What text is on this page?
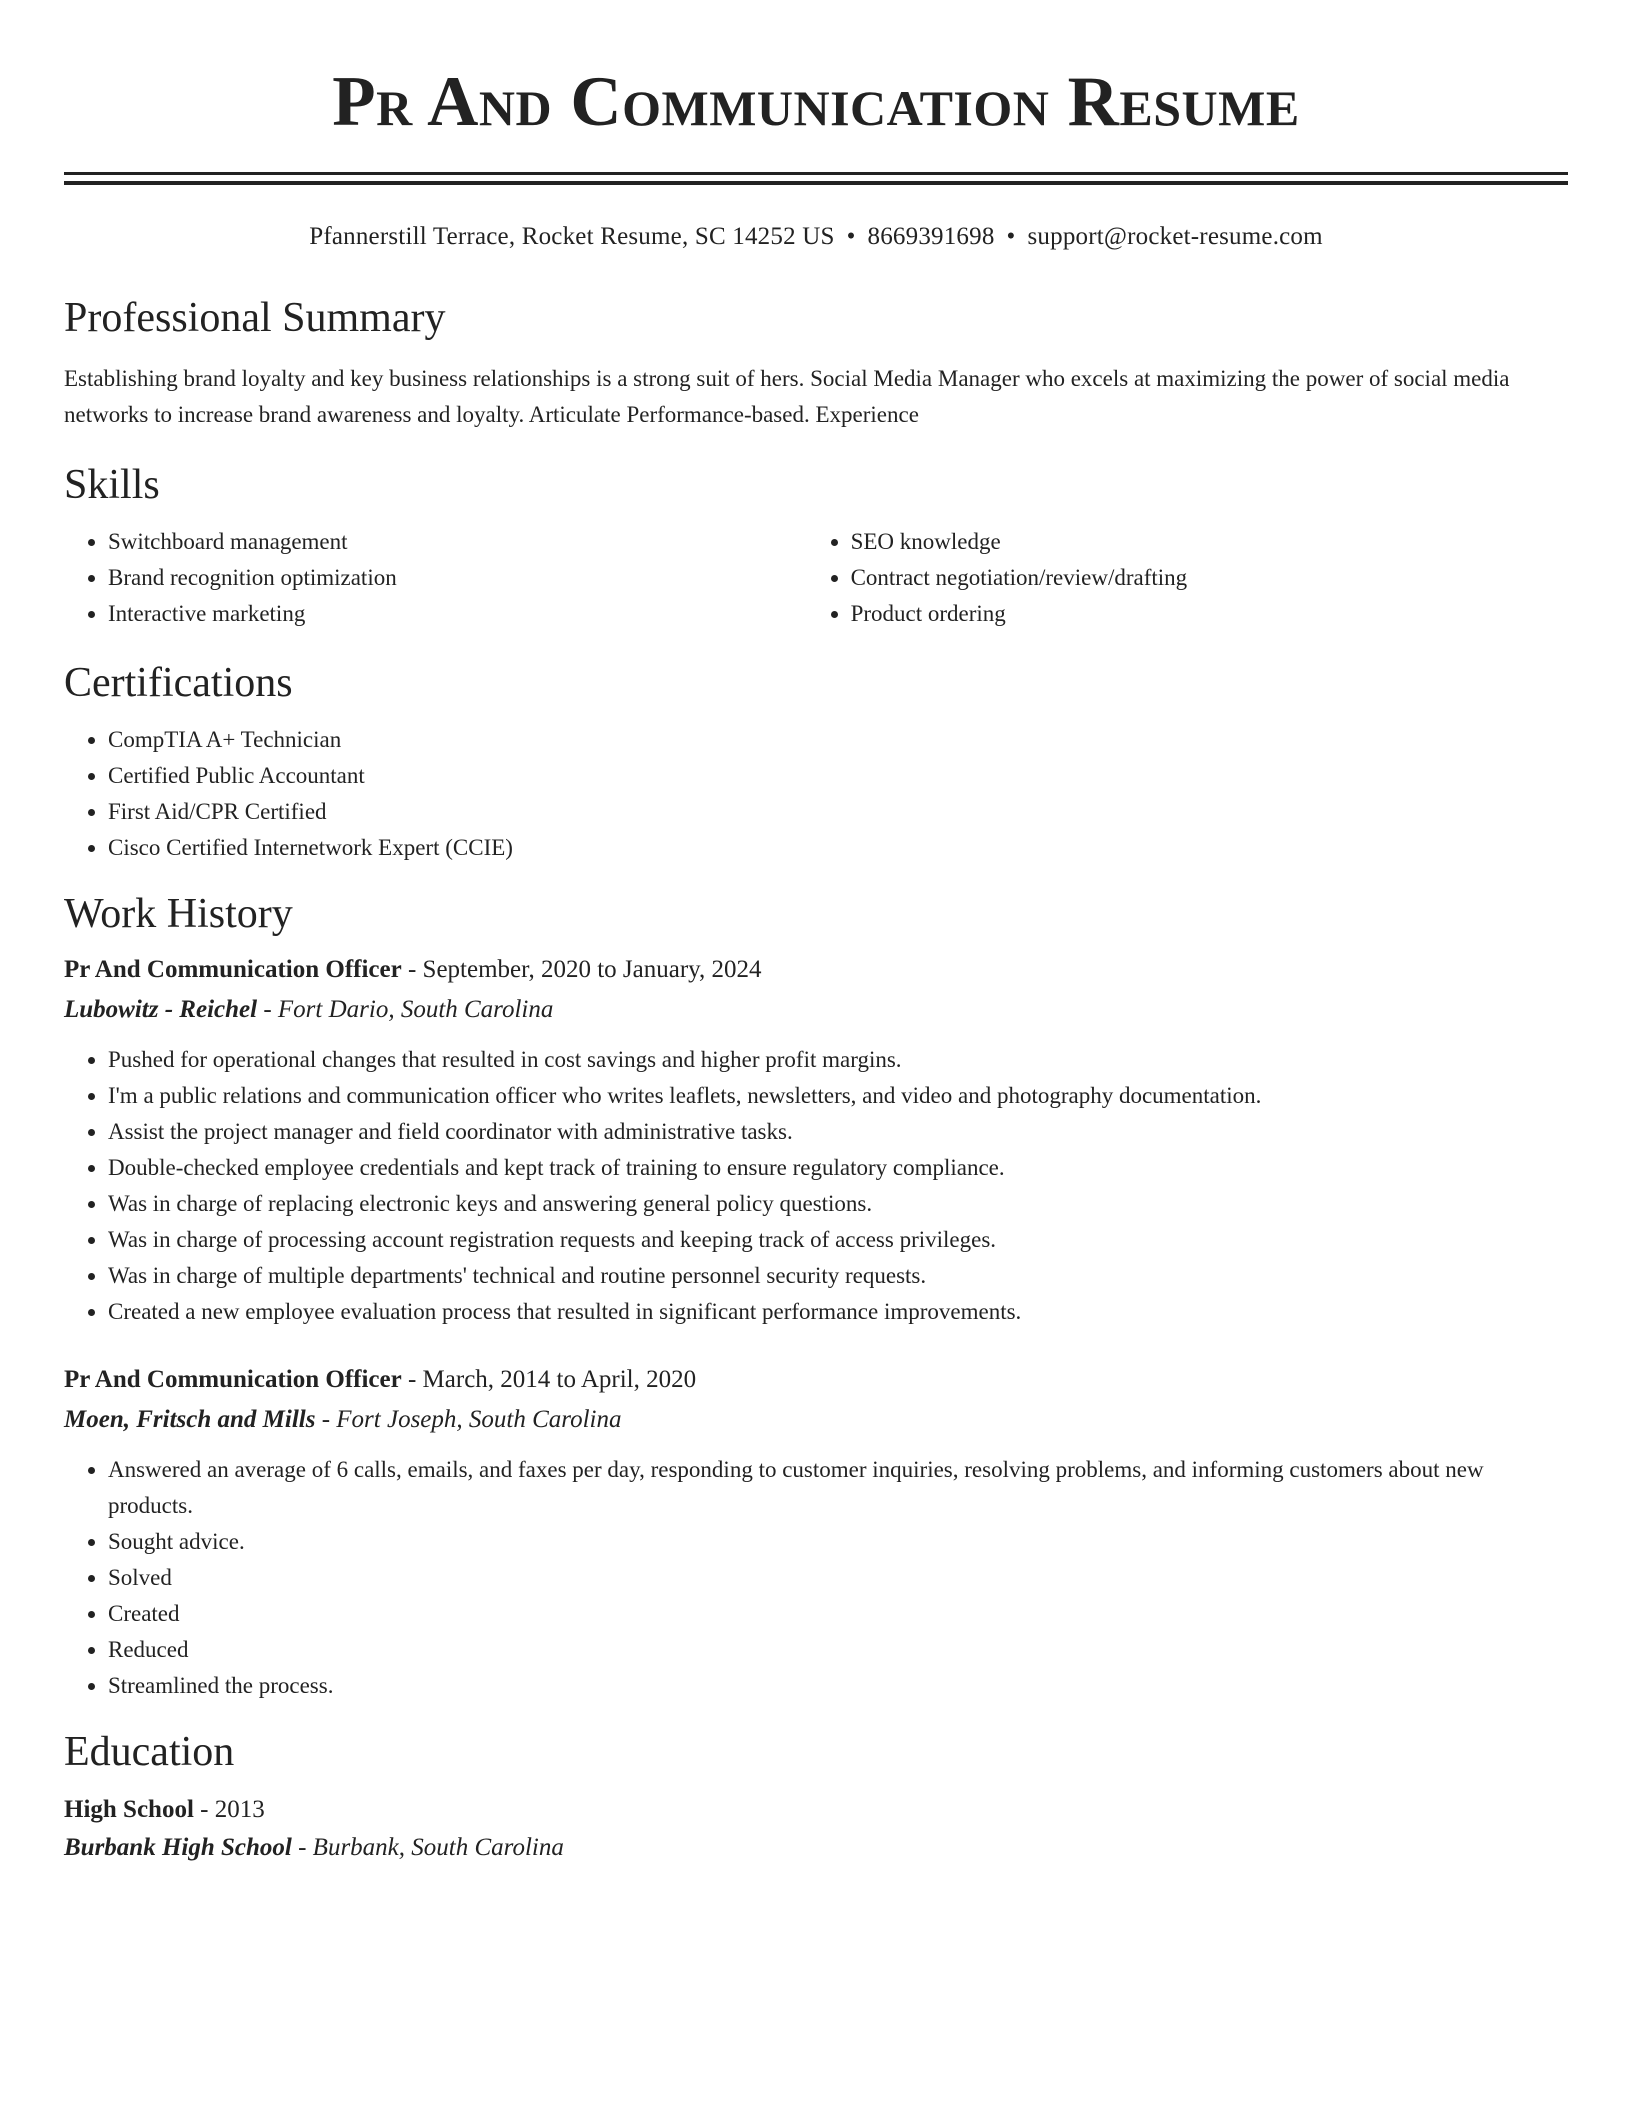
Pr And Communication Resume
Pfannerstill Terrace, Rocket Resume, SC 14252 US • 8669391698 • support@rocket-resume.com
Professional Summary

Establishing brand loyalty and key business relationships is a strong suit of hers. Social Media Manager who excels at maximizing the power of social media networks to increase brand awareness and loyalty. Articulate Performance-based. Experience

Skills
• Switchboard management
• Brand recognition optimization
• Interactive marketing
• SEO knowledge
• Contract negotiation/review/drafting
• Product ordering
Certifications
• CompTIA A+ Technician
• Certified Public Accountant
• First Aid/CPR Certified
• Cisco Certified Internetwork Expert (CCIE)
Work History
Pr And Communication Officer - September, 2020 to January, 2024
Lubowitz - Reichel - Fort Dario, South Carolina
• Pushed for operational changes that resulted in cost savings and higher profit margins.
• I'm a public relations and communication officer who writes leaflets, newsletters, and video and photography documentation.
• Assist the project manager and field coordinator with administrative tasks.
• Double-checked employee credentials and kept track of training to ensure regulatory compliance.
• Was in charge of replacing electronic keys and answering general policy questions.
• Was in charge of processing account registration requests and keeping track of access privileges.
• Was in charge of multiple departments' technical and routine personnel security requests.
• Created a new employee evaluation process that resulted in significant performance improvements.
Pr And Communication Officer - March, 2014 to April, 2020
Moen, Fritsch and Mills - Fort Joseph, South Carolina
• Answered an average of 6 calls, emails, and faxes per day, responding to customer inquiries, resolving problems, and informing customers about new products.
• Sought advice.
• Solved
• Created
• Reduced
• Streamlined the process.
Education
High School - 2013
Burbank High School - Burbank, South Carolina
